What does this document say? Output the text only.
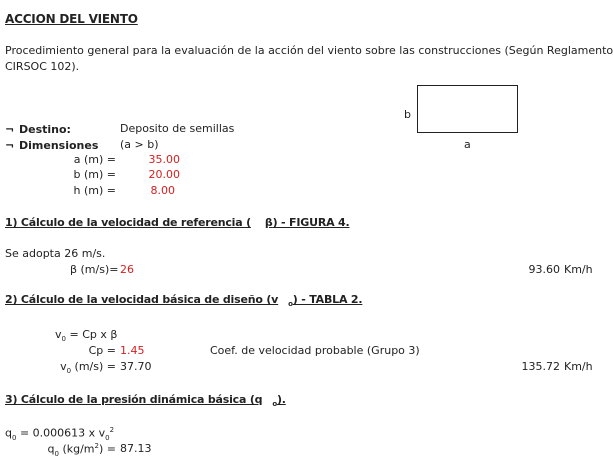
ACCION DEL VIENTO
Procedimiento general para la evaluación de la acción del viento sobre las construcciones (Según Reglamento
CIRSOC 102).
b
a
¬ Destino:	Deposito de semillas
¬ Dimensiones (a > b)
a (m) =	35.00
b (m) =	20.00
h (m) =	8.00
1) Cálculo de la velocidad de referencia ( β) - FIGURA 4.
Se adopta 26 m/s.
β (m/s)= 26	93.60 Km/h
2) Cálculo de la velocidad básica de diseño (v $_o$) - TABLA 2.
$v_0 = Cp$ x β
Cp = 1.45	Coef. de velocidad probable (Grupo 3)
$v_0$ (m/s) = 37.70	135.72 Km/h
3) Cálculo de la presión dinámica básica (q $_o$).
$q_0 = 0.000613$ x $v_0^2$
$q_0$ $(kg/m^2) = 87.13$
